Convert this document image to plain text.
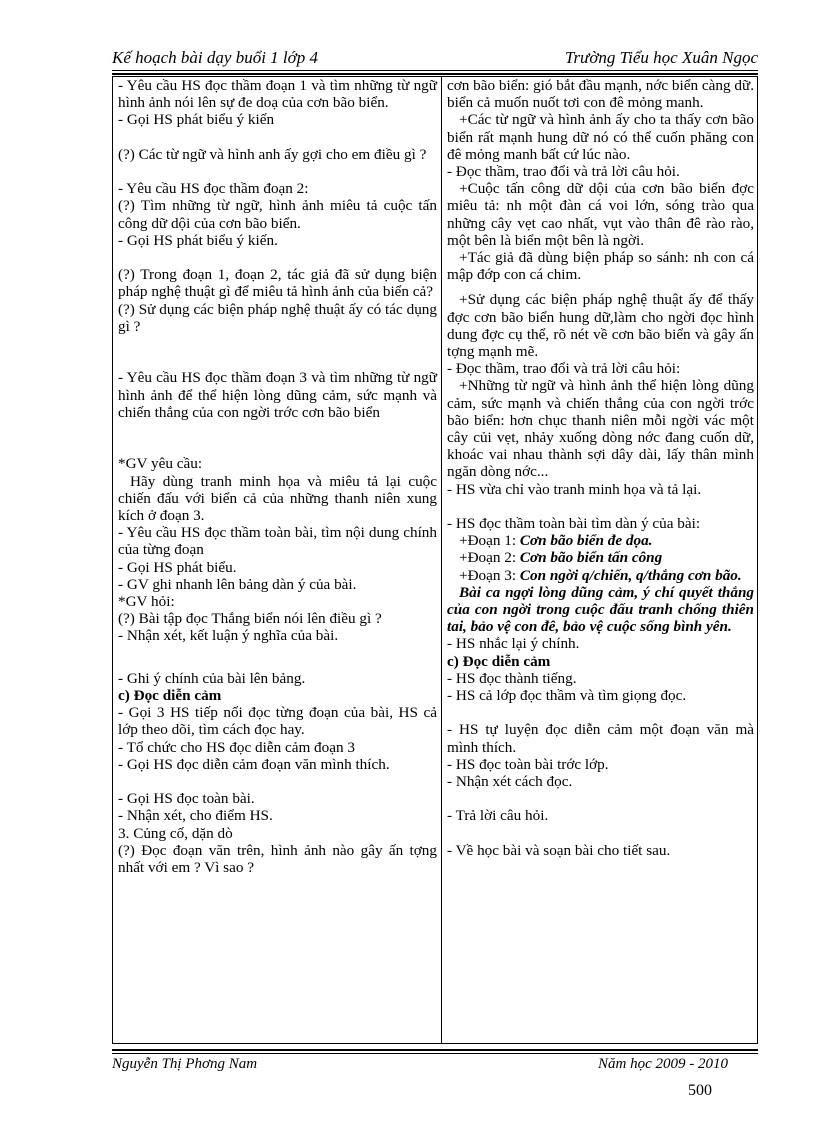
Kế hoạch bài dạy buổi 1 lớp 4	Trường Tiểu học Xuân Ngọc
- Yêu cầu HS đọc thầm đoạn 1 và tìm những từ ngữ hình ảnh nói lên sự đe doạ của cơn bão biển.
- Gọi HS phát biểu ý kiến
(?) Các từ ngữ và hình anh ấy gợi cho em điều gì ?
- Yêu cầu HS đọc thầm đoạn 2:
(?) Tìm những từ ngữ, hình ảnh miêu tả cuộc tấn công dữ dội của cơn bão biển.
- Gọi HS phát biểu ý kiến.
(?) Trong đoạn 1, đoạn 2, tác giả đã sử dụng biện pháp nghệ thuật gì để miêu tả hình ảnh của biển cả?
(?) Sử dụng các biện pháp nghệ thuật ấy có tác dụng gì ?
- Yêu cầu HS đọc thầm đoạn 3 và tìm những từ ngữ hình ảnh để thể hiện lòng dũng cảm, sức mạnh và chiến thắng của con ngời trớc cơn bão biển
*GV yêu cầu:
Hãy dùng tranh minh họa và miêu tả lại cuộc chiến đấu với biển cả của những thanh niên xung kích ở đoạn 3.
- Yêu cầu HS đọc thầm toàn bài, tìm nội dung chính của từng đoạn
- Gọi HS phát biểu.
- GV ghi nhanh lên bảng dàn ý của bài.
*GV hỏi:
(?) Bài tập đọc Thắng biển nói lên điều gì ?
- Nhận xét, kết luận ý nghĩa của bài.
- Ghi ý chính của bài lên bảng.
c) Đọc diễn cảm
- Gọi 3 HS tiếp nối đọc từng đoạn của bài, HS cả lớp theo dõi, tìm cách đọc hay.
- Tổ chức cho HS đọc diễn cảm đoạn 3
- Gọi HS đọc diễn cảm đoạn văn mình thích.
- Gọi HS đọc toàn bài.
- Nhận xét, cho điểm HS.
3. Củng cố, dặn dò
(?) Đọc đoạn văn trên, hình ảnh nào gây ấn tợng nhất với em ? Vì sao ?
cơn bão biển: gió bắt đầu mạnh, nớc biển càng dữ. biển cả muốn nuốt tơi con đê mỏng manh.
+Các từ ngữ và hình ảnh ấy cho ta thấy cơn bão biển rất mạnh hung dữ nó có thể cuốn phăng con đê mỏng manh bất cứ lúc nào.
- Đọc thầm, trao đổi và trả lời câu hỏi.
+Cuộc tấn công dữ dội của cơn bão biển đợc miêu tả: nh một đàn cá voi lớn, sóng trào qua những cây vẹt cao nhất, vụt vào thân đê rào rào, một bên là biển một bên là ngời.
+Tác giả đã dùng biện pháp so sánh: nh con cá mập đớp con cá chim.
+Sử dụng các biện pháp nghệ thuật ấy để thấy đợc cơn bão biển hung dữ,làm cho ngời đọc hình dung đợc cụ thể, rõ nét về cơn bão biển và gây ấn tợng mạnh mẽ.
- Đọc thầm, trao đổi và trả lời câu hỏi:
+Những từ ngữ và hình ảnh thể hiện lòng dũng cảm, sức mạnh và chiến thắng của con ngời trớc bão biển: hơn chục thanh niên mỗi ngời vác một cây củi vẹt, nhảy xuống dòng nớc đang cuốn dữ, khoác vai nhau thành sợi dây dài, lấy thân mình ngăn dòng nớc...
- HS vừa chỉ vào tranh minh họa và tả lại.
- HS đọc thầm toàn bài tìm dàn ý của bài:
+Đoạn 1: Cơn bão biển đe dọa.
+Đoạn 2: Cơn bão biển tấn công
+Đoạn 3: Con ngời q/chiến, q/thắng cơn bão.
Bài ca ngợi lòng dũng cảm, ý chí quyết thắng của con ngời trong cuộc đấu tranh chống thiên tai, bảo vệ con đê, bảo vệ cuộc sống bình yên.
- HS nhắc lại ý chính.
c) Đọc diễn cảm
- HS đọc thành tiếng.
- HS cả lớp đọc thầm và tìm giọng đọc.
- HS tự luyện đọc diễn cảm một đoạn văn mà mình thích.
- HS đọc toàn bài trớc lớp.
- Nhận xét cách đọc.
- Trả lời câu hỏi.
- Về học bài và soạn bài cho tiết sau.
Nguyễn Thị Phơng Nam	Năm học 2009 - 2010
500
